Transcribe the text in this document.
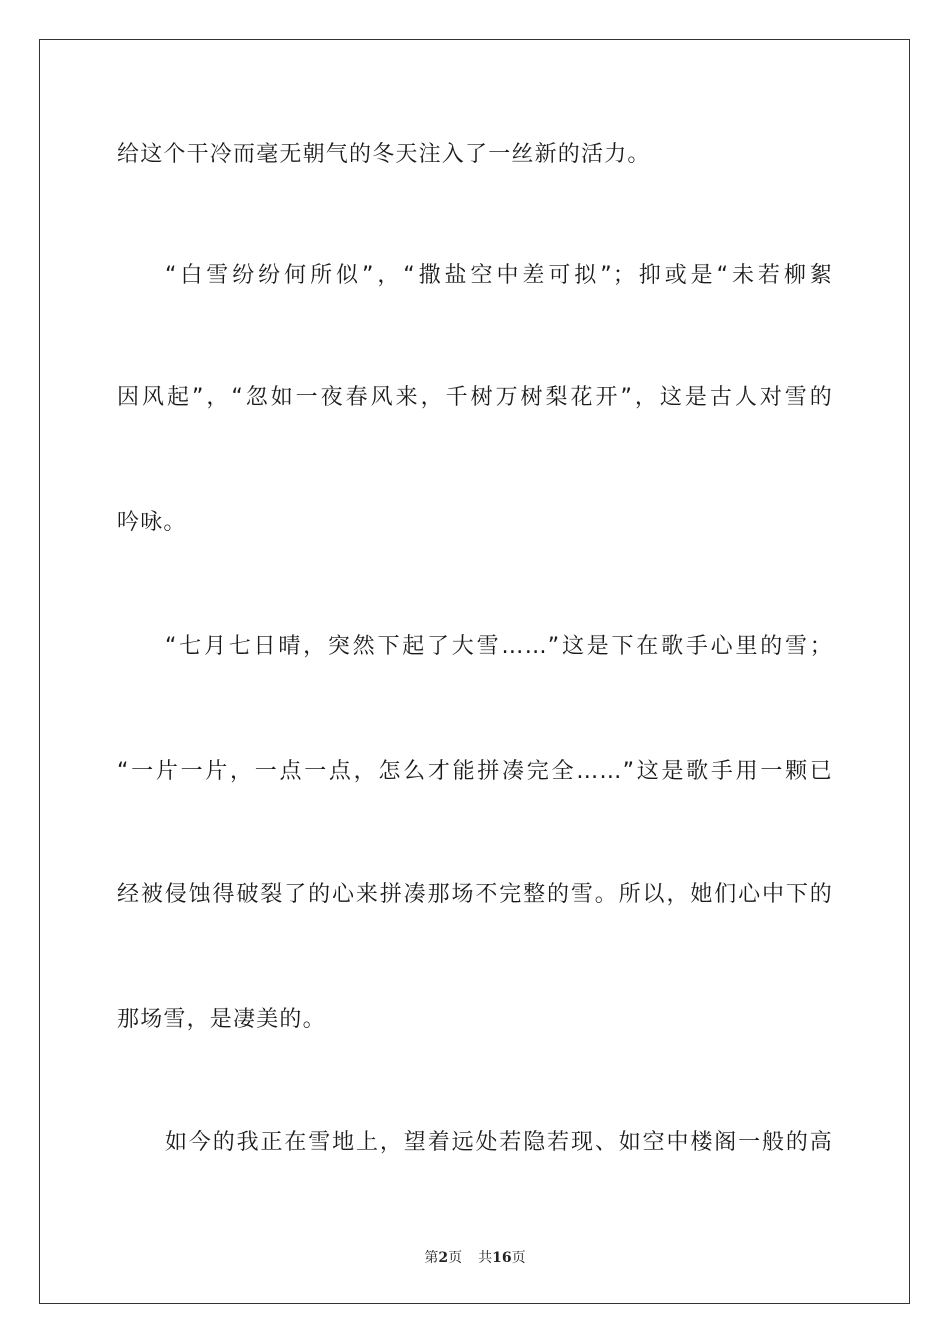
给这个干冷而毫无朝气的冬天注入了一丝新的活力。
“白雪纷纷何所似”，“撒盐空中差可拟”；抑或是“未若柳絮
因风起”，“忽如一夜春风来，千树万树梨花开”，这是古人对雪的
吟咏。
“七月七日晴，突然下起了大雪……”这是下在歌手心里的雪；
“一片一片，一点一点，怎么才能拼凑完全……”这是歌手用一颗已
经被侵蚀得破裂了的心来拼凑那场不完整的雪。所以，她们心中下的
那场雪，是凄美的。
如今的我正在雪地上，望着远处若隐若现、如空中楼阁一般的高
第2页 共16页
